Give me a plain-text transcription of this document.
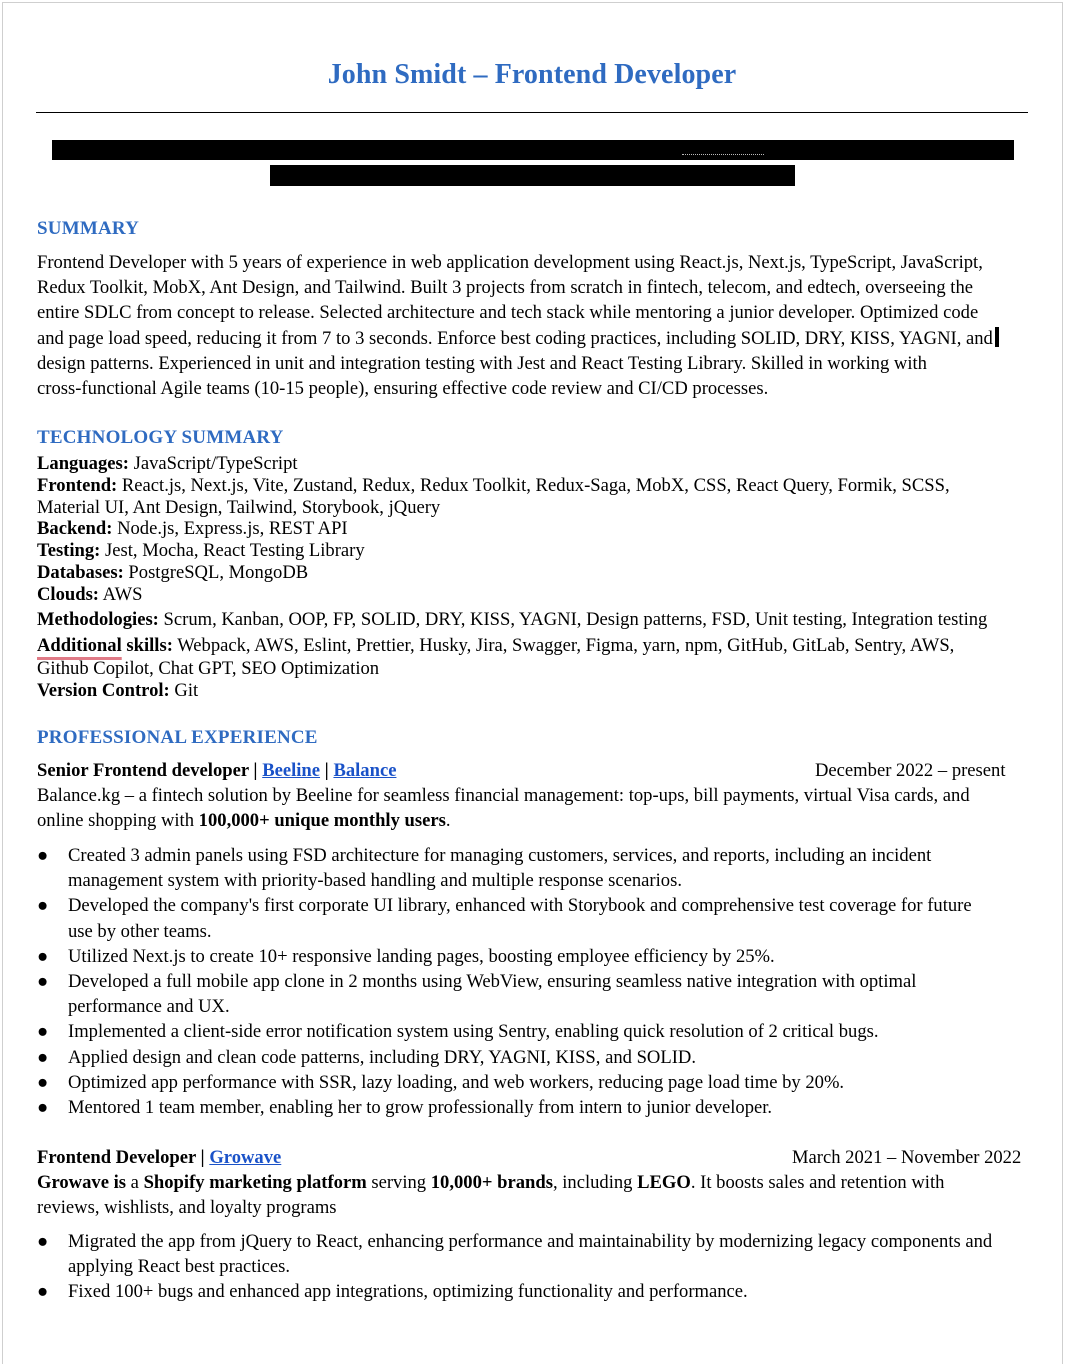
John Smidt – Frontend Developer
SUMMARY
Frontend Developer with 5 years of experience in web application development using React.js, Next.js, TypeScript, JavaScript,
Redux Toolkit, MobX, Ant Design, and Tailwind. Built 3 projects from scratch in fintech, telecom, and edtech, overseeing the
entire SDLC from concept to release. Selected architecture and tech stack while mentoring a junior developer. Optimized code
and page load speed, reducing it from 7 to 3 seconds. Enforce best coding practices, including SOLID, DRY, KISS, YAGNI, and
design patterns. Experienced in unit and integration testing with Jest and React Testing Library. Skilled in working with
cross-functional Agile teams (10-15 people), ensuring effective code review and CI/CD processes.
TECHNOLOGY SUMMARY
Languages: JavaScript/TypeScript
Frontend: React.js, Next.js, Vite, Zustand, Redux, Redux Toolkit, Redux-Saga, MobX, CSS, React Query, Formik, SCSS,
Material UI, Ant Design, Tailwind, Storybook, jQuery
Backend: Node.js, Express.js, REST API
Testing: Jest, Mocha, React Testing Library
Databases: PostgreSQL, MongoDB
Clouds: AWS
Methodologies: Scrum, Kanban, OOP, FP, SOLID, DRY, KISS, YAGNI, Design patterns, FSD, Unit testing, Integration testing
Additional skills: Webpack, AWS, Eslint, Prettier, Husky, Jira, Swagger, Figma, yarn, npm, GitHub, GitLab, Sentry, AWS,
Github Copilot, Chat GPT, SEO Optimization
Version Control: Git
PROFESSIONAL EXPERIENCE
Senior Frontend developer | Beeline | Balance	December 2022 – present
Balance.kg – a fintech solution by Beeline for seamless financial management: top-ups, bill payments, virtual Visa cards, and
online shopping with 100,000+ unique monthly users.
● Created 3 admin panels using FSD architecture for managing customers, services, and reports, including an incident
management system with priority-based handling and multiple response scenarios.
● Developed the company's first corporate UI library, enhanced with Storybook and comprehensive test coverage for future
use by other teams.
● Utilized Next.js to create 10+ responsive landing pages, boosting employee efficiency by 25%.
● Developed a full mobile app clone in 2 months using WebView, ensuring seamless native integration with optimal
performance and UX.
● Implemented a client-side error notification system using Sentry, enabling quick resolution of 2 critical bugs.
● Applied design and clean code patterns, including DRY, YAGNI, KISS, and SOLID.
● Optimized app performance with SSR, lazy loading, and web workers, reducing page load time by 20%.
● Mentored 1 team member, enabling her to grow professionally from intern to junior developer.
Frontend Developer | Growave	March 2021 – November 2022
Growave is a Shopify marketing platform serving 10,000+ brands, including LEGO. It boosts sales and retention with
reviews, wishlists, and loyalty programs
● Migrated the app from jQuery to React, enhancing performance and maintainability by modernizing legacy components and
applying React best practices.
● Fixed 100+ bugs and enhanced app integrations, optimizing functionality and performance.
